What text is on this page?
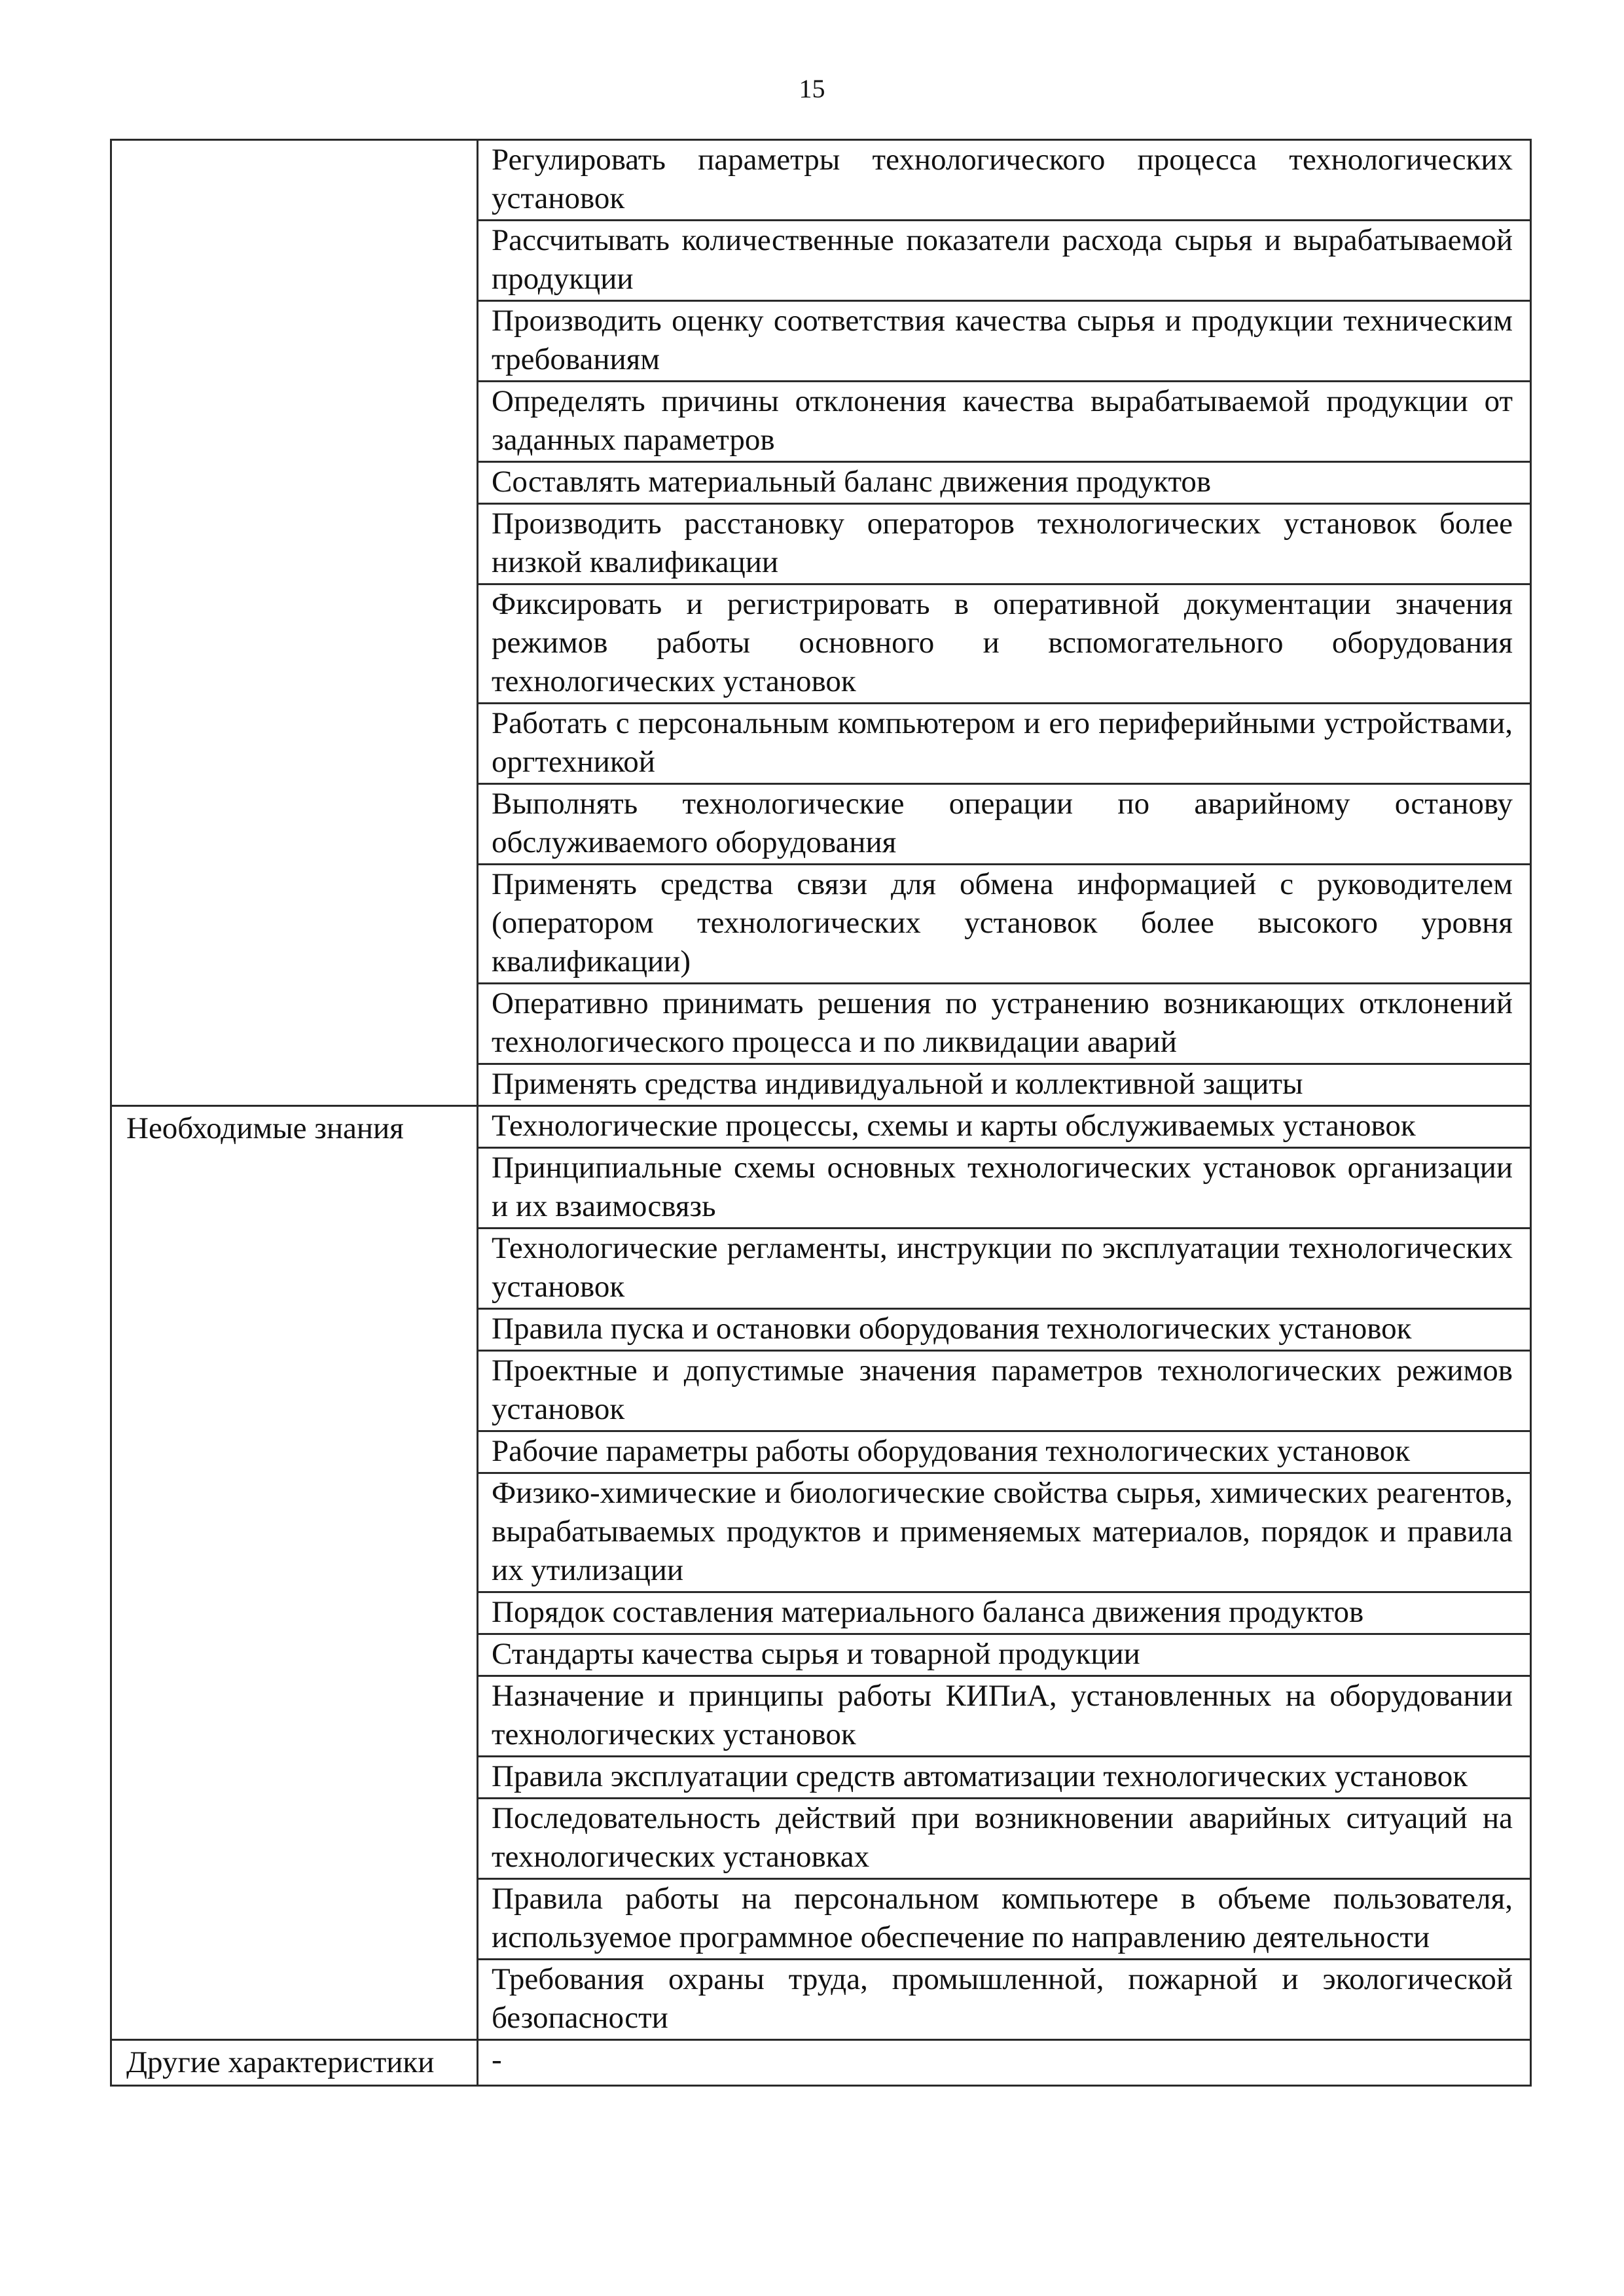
15

	Регулировать параметры технологического процесса технологических установок

	Рассчитывать количественные показатели расхода сырья и вырабатываемой продукции

	Производить оценку соответствия качества сырья и продукции техническим требованиям

	Определять причины отклонения качества вырабатываемой продукции от заданных параметров

	Составлять материальный баланс движения продуктов

	Производить расстановку операторов технологических установок более низкой квалификации

	Фиксировать и регистрировать в оперативной документации значения режимов работы основного и вспомогательного оборудования технологических установок

	Работать с персональным компьютером и его периферийными устройствами, оргтехникой

	Выполнять технологические операции по аварийному останову обслуживаемого оборудования

	Применять средства связи для обмена информацией с руководителем (оператором технологических установок более высокого уровня квалификации)

	Оперативно принимать решения по устранению возникающих отклонений технологического процесса и по ликвидации аварий

	Применять средства индивидуальной и коллективной защиты

Необходимые знания	Технологические процессы, схемы и карты обслуживаемых установок

	Принципиальные схемы основных технологических установок организации и их взаимосвязь

	Технологические регламенты, инструкции по эксплуатации технологических установок

	Правила пуска и остановки оборудования технологических установок

	Проектные и допустимые значения параметров технологических режимов установок

	Рабочие параметры работы оборудования технологических установок

	Физико-химические и биологические свойства сырья, химических реагентов, вырабатываемых продуктов и применяемых материалов, порядок и правила их утилизации

	Порядок составления материального баланса движения продуктов

	Стандарты качества сырья и товарной продукции

	Назначение и принципы работы КИПиА, установленных на оборудовании технологических установок

	Правила эксплуатации средств автоматизации технологических установок

	Последовательность действий при возникновении аварийных ситуаций на технологических установках

	Правила работы на персональном компьютере в объеме пользователя, используемое программное обеспечение по направлению деятельности

	Требования охраны труда, промышленной, пожарной и экологической безопасности

Другие характеристики	-
